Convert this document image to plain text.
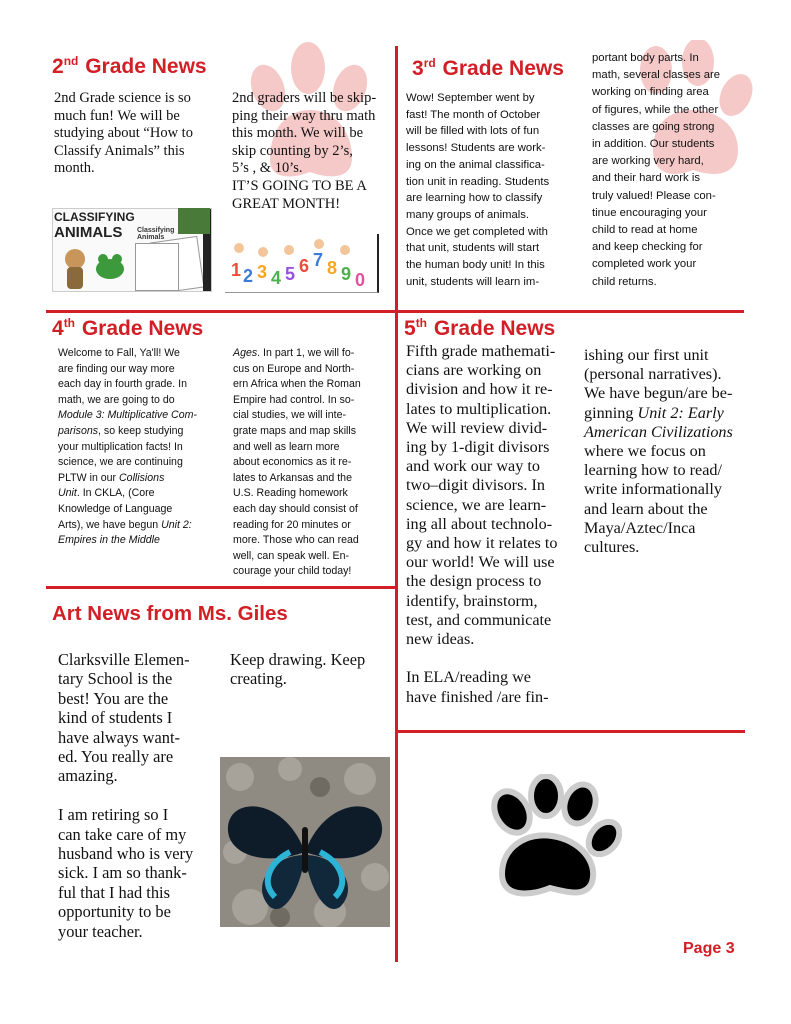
2nd Grade News
2nd Grade science is so
much fun! We will be
studying about “How to
Classify Animals” this
month.
2nd graders will be skip-
ping their way thru math
this month. We will be
skip counting by 2’s,
5’s , & 10’s.
IT’S GOING TO BE A
GREAT MONTH!
CLASSIFYING
ANIMALS Classifying Animals
1 2 3 4 5 6 7 8 9 0
3rd Grade News
Wow! September went by
fast! The month of October
will be filled with lots of fun
lessons! Students are work-
ing on the animal classifica-
tion unit in reading. Students
are learning how to classify
many groups of animals.
Once we get completed with
that unit, students will start
the human body unit! In this
unit, students will learn im-
portant body parts. In
math, several classes are
working on finding area
of figures, while the other
classes are going strong
in addition. Our students
are working very hard,
and their hard work is
truly valued! Please con-
tinue encouraging your
child to read at home
and keep checking for
completed work your
child returns.
4th Grade News
Welcome to Fall, Ya'll! We
are finding our way more
each day in fourth grade. In
math, we are going to do
Module 3: Multiplicative Com-
parisons, so keep studying
your multiplication facts! In
science, we are continuing
PLTW in our Collisions
Unit. In CKLA, (Core
Knowledge of Language
Arts), we have begun Unit 2:
Empires in the Middle
Ages. In part 1, we will fo-
cus on Europe and North-
ern Africa when the Roman
Empire had control. In so-
cial studies, we will inte-
grate maps and map skills
and well as learn more
about economics as it re-
lates to Arkansas and the
U.S. Reading homework
each day should consist of
reading for 20 minutes or
more. Those who can read
well, can speak well. En-
courage your child today!
5th Grade News
Fifth grade mathemati-
cians are working on
division and how it re-
lates to multiplication.
We will review divid-
ing by 1-digit divisors
and work our way to
two–digit divisors. In
science, we are learn-
ing all about technolo-
gy and how it relates to
our world! We will use
the design process to
identify, brainstorm,
test, and communicate
new ideas.

In ELA/reading we
have finished /are fin-
ishing our first unit
(personal narratives).
We have begun/are be-
ginning Unit 2: Early
American Civilizations
where we focus on
learning how to read/
write informationally
and learn about the
Maya/Aztec/Inca
cultures.
Art News from Ms. Giles
Clarksville Elemen-
tary School is the
best! You are the
kind of students I
have always want-
ed. You really are
amazing.

I am retiring so I
can take care of my
husband who is very
sick. I am so thank-
ful that I had this
opportunity to be
your teacher.
Keep drawing. Keep
creating.
Page 3
